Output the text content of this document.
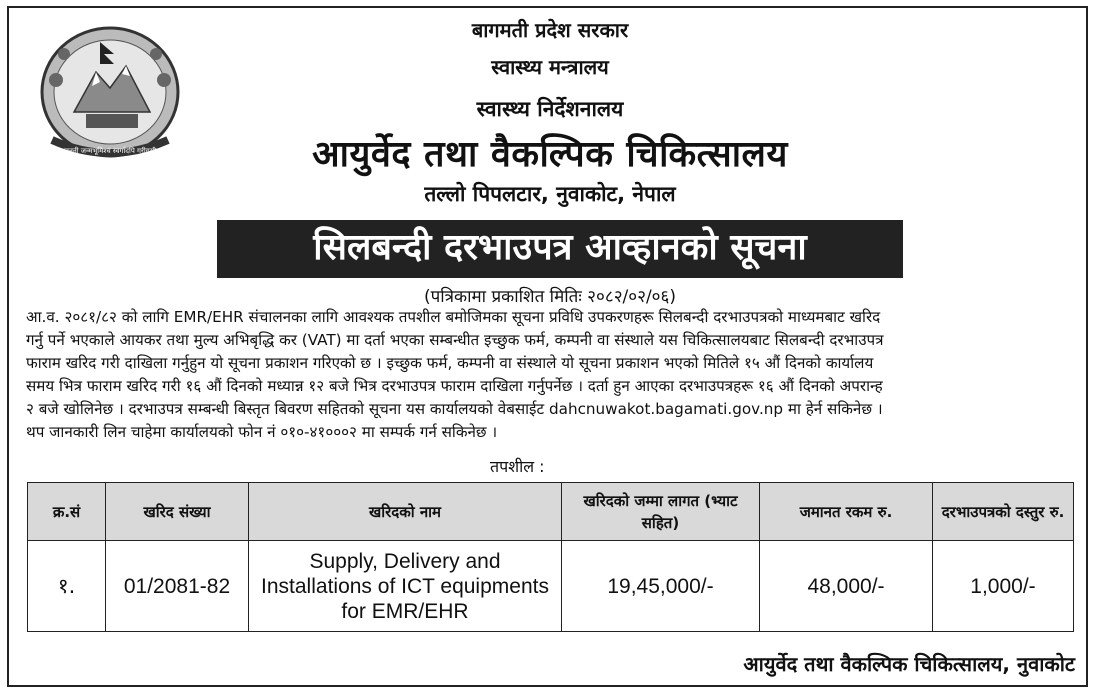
जननी जन्मभूमिश्च स्वर्गादपि गरीयसी
बागमती प्रदेश सरकार
स्वास्थ्य मन्त्रालय
स्वास्थ्य निर्देशनालय
आयुर्वेद तथा वैकल्पिक चिकित्सालय
तल्लो पिपलटार, नुवाकोट, नेपाल
सिलबन्दी दरभाउपत्र आव्हानको सूचना
(पत्रिकामा प्रकाशित मितिः २०८२/०२/०६)
आ.व. २०८१/८२ को लागि EMR/EHR संचालनका लागि आवश्यक तपशील बमोजिमका सूचना प्रविधि उपकरणहरू सिलबन्दी दरभाउपत्रको माध्यमबाट खरिद
गर्नु पर्ने भएकाले आयकर तथा मुल्य अभिबृद्धि कर (VAT) मा दर्ता भएका सम्बन्धीत इच्छुक फर्म, कम्पनी वा संस्थाले यस चिकित्सालयबाट सिलबन्दी दरभाउपत्र
फाराम खरिद गरी दाखिला गर्नुहुन यो सूचना प्रकाशन गरिएको छ । इच्छुक फर्म, कम्पनी वा संस्थाले यो सूचना प्रकाशन भएको मितिले १५ औं दिनको कार्यालय
समय भित्र फाराम खरिद गरी १६ औं दिनको मध्यान्न १२ बजे भित्र दरभाउपत्र फाराम दाखिला गर्नुपर्नेछ । दर्ता हुन आएका दरभाउपत्रहरू १६ औं दिनको अपरान्ह
२ बजे खोलिनेछ । दरभाउपत्र सम्बन्धी बिस्तृत बिवरण सहितको सूचना यस कार्यालयको वेबसाईट dahcnuwakot.bagamati.gov.np मा हेर्न सकिनेछ ।
थप जानकारी लिन चाहेमा कार्यालयको फोन नं ०१०-४१०००२ मा सम्पर्क गर्न सकिनेछ ।
तपशील :
क्र.सं	खरिद संख्या	खरिदको नाम	खरिदको जम्मा लागत (भ्याट सहित)	जमानत रकम रु.	दरभाउपत्रको दस्तुर रु.
१.	01/2081-82	Supply, Delivery and Installations of ICT equipments for EMR/EHR	19,45,000/-	48,000/-	1,000/-
आयुर्वेद तथा वैकल्पिक चिकित्सालय, नुवाकोट
